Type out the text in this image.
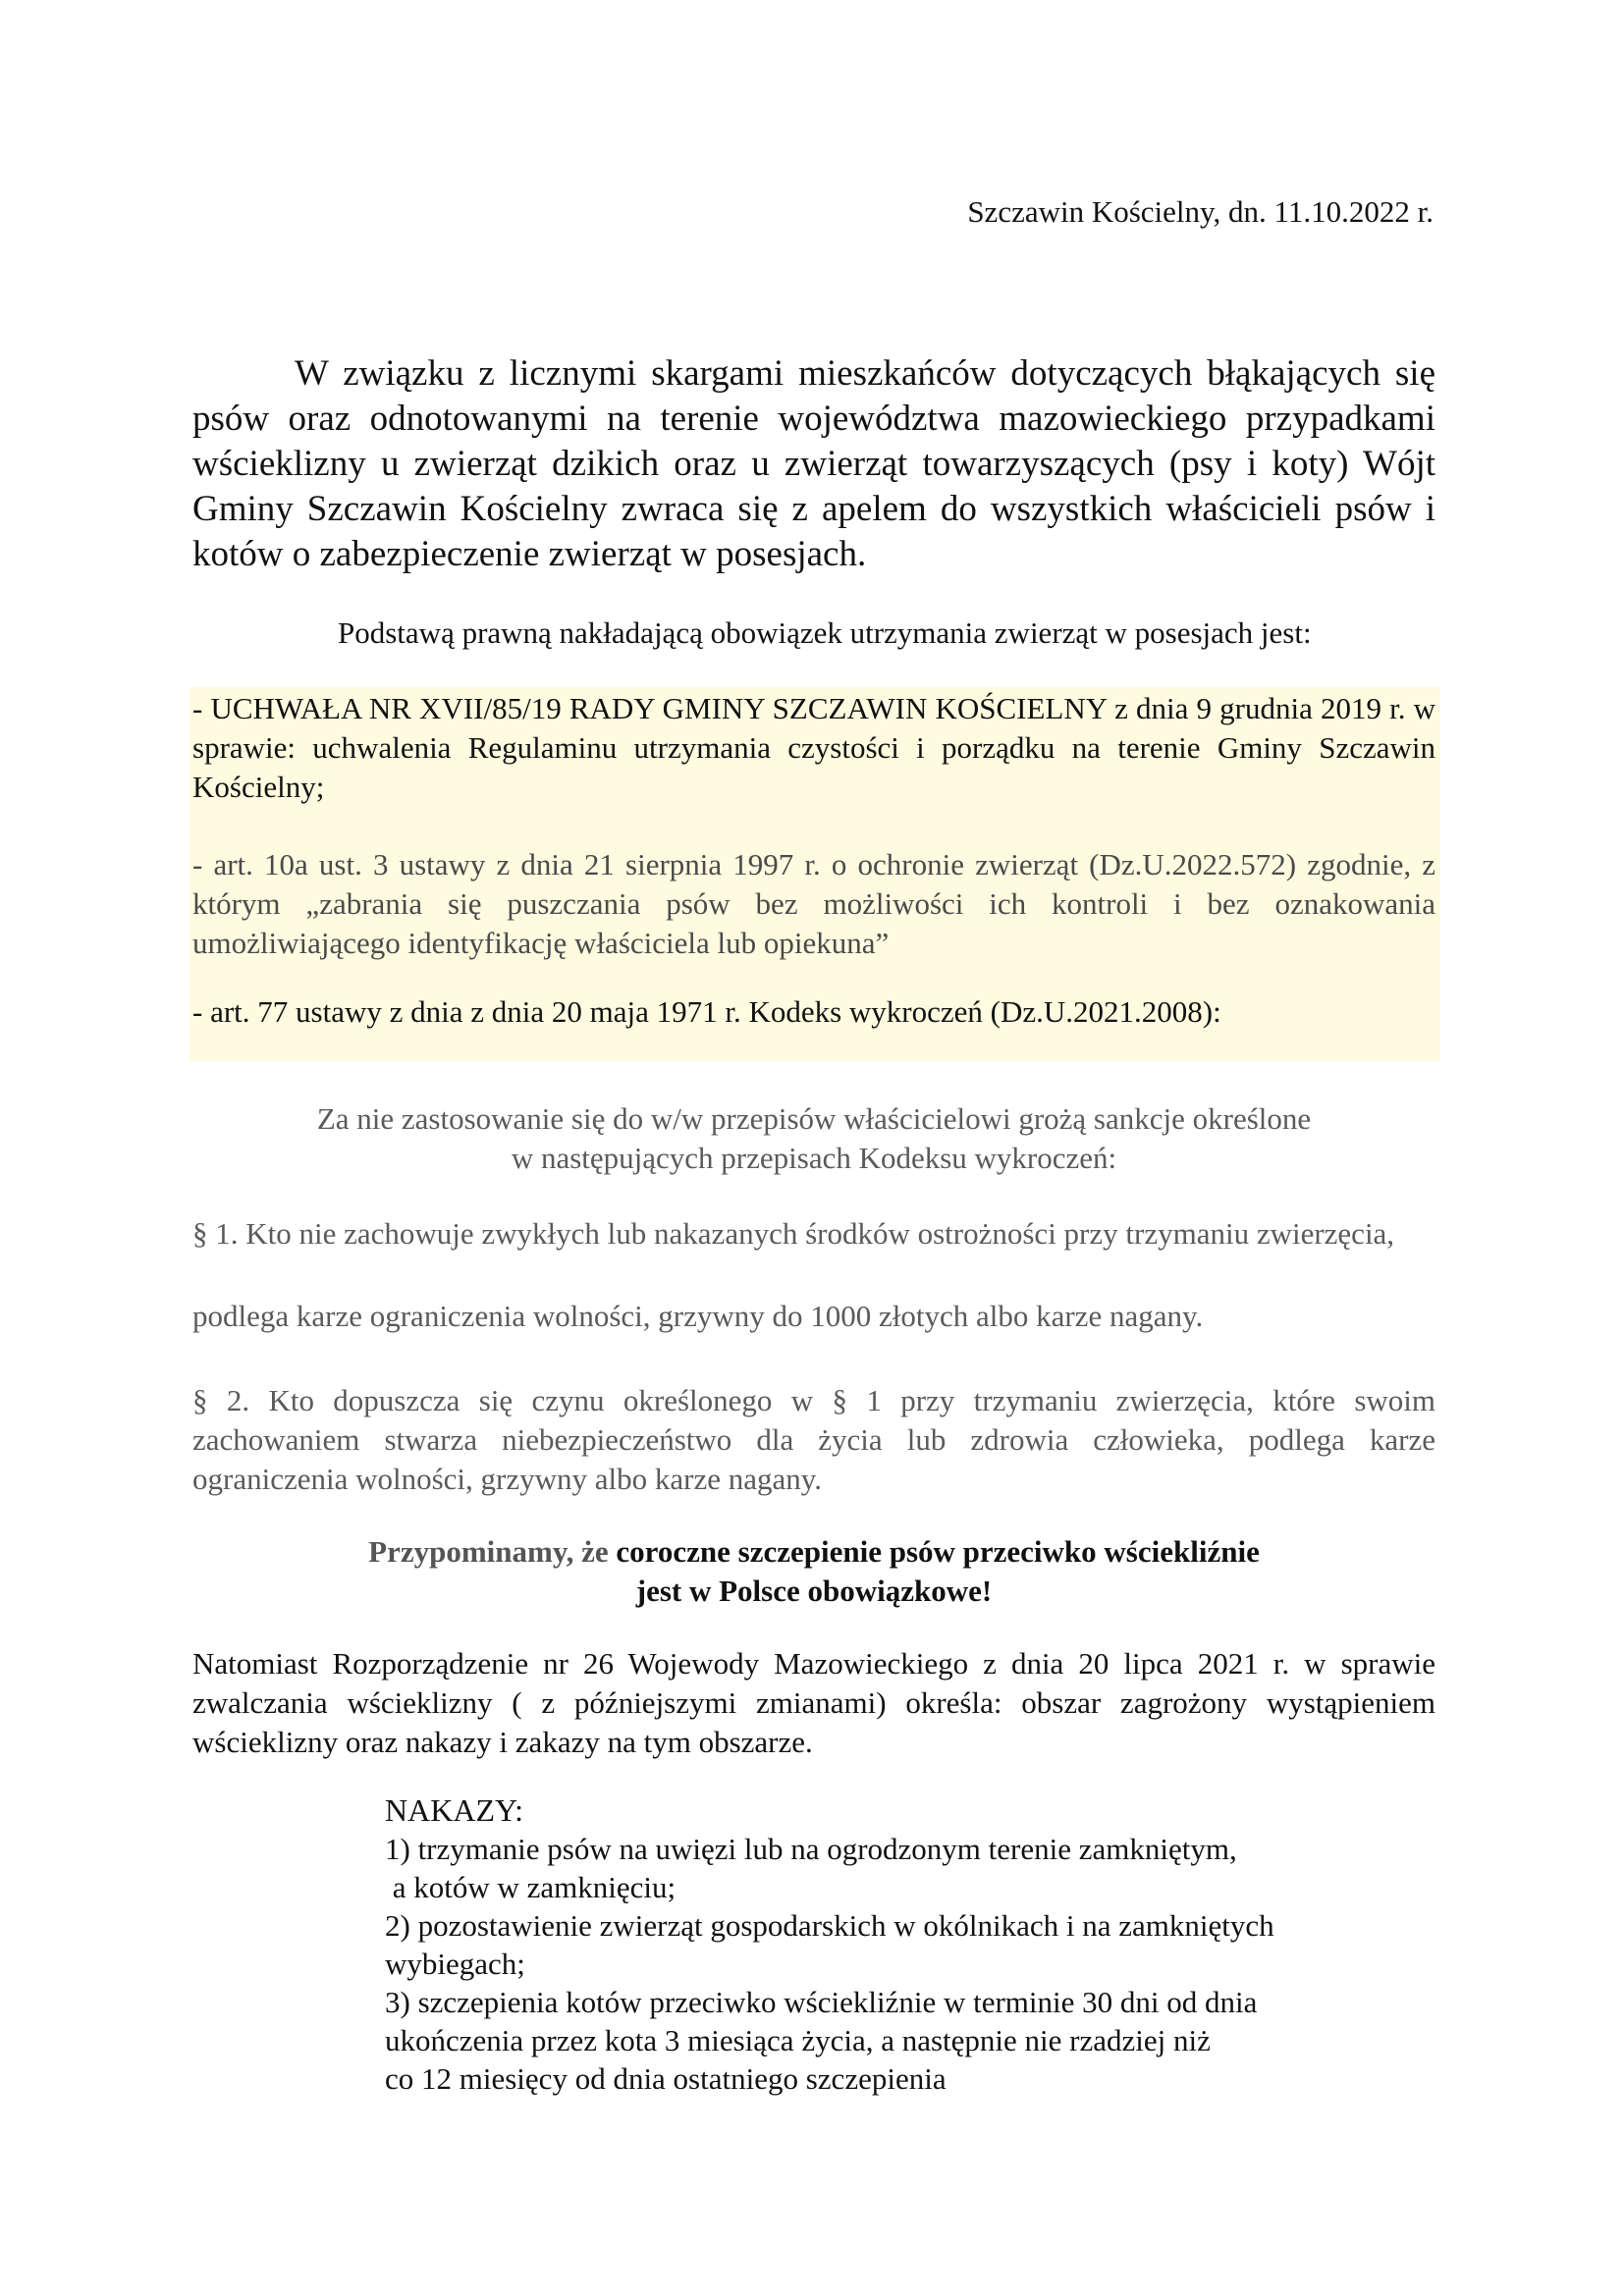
Szczawin Kościelny, dn. 11.10.2022 r.
W związku z licznymi skargami mieszkańców dotyczących błąkających się psów oraz odnotowanymi na terenie województwa mazowieckiego przypadkami wścieklizny u zwierząt dzikich oraz u zwierząt towarzyszących (psy i koty) Wójt Gminy Szczawin Kościelny zwraca się z apelem do wszystkich właścicieli psów i kotów o zabezpieczenie zwierząt w posesjach.
Podstawą prawną nakładającą obowiązek utrzymania zwierząt w posesjach jest:

- UCHWAŁA NR XVII/85/19 RADY GMINY SZCZAWIN KOŚCIELNY z dnia 9 grudnia 2019 r. w sprawie: uchwalenia Regulaminu utrzymania czystości i porządku na terenie Gminy Szczawin Kościelny;

- art. 10a ust. 3 ustawy z dnia 21 sierpnia 1997 r. o ochronie zwierząt (Dz.U.2022.572) zgodnie, z którym „zabrania się puszczania psów bez możliwości ich kontroli i bez oznakowania umożliwiającego identyfikację właściciela lub opiekuna”

- art. 77 ustawy z dnia z dnia 20 maja 1971 r. Kodeks wykroczeń (Dz.U.2021.2008):

Za nie zastosowanie się do w/w przepisów właścicielowi grożą sankcje określone
w następujących przepisach Kodeksu wykroczeń:
§ 1. Kto nie zachowuje zwykłych lub nakazanych środków ostrożności przy trzymaniu zwierzęcia,
podlega karze ograniczenia wolności, grzywny do 1000 złotych albo karze nagany.
§ 2. Kto dopuszcza się czynu określonego w § 1 przy trzymaniu zwierzęcia, które swoim zachowaniem stwarza niebezpieczeństwo dla życia lub zdrowia człowieka, podlega karze ograniczenia wolności, grzywny albo karze nagany.
Przypominamy, że coroczne szczepienie psów przeciwko wściekliźnie
jest w Polsce obowiązkowe!
Natomiast Rozporządzenie nr 26 Wojewody Mazowieckiego z dnia 20 lipca 2021 r. w sprawie zwalczania wścieklizny ( z późniejszymi zmianami) określa: obszar zagrożony wystąpieniem wścieklizny oraz nakazy i zakazy na tym obszarze.
NAKAZY:
1) trzymanie psów na uwięzi lub na ogrodzonym terenie zamkniętym,
a kotów w zamknięciu;
2) pozostawienie zwierząt gospodarskich w okólnikach i na zamkniętych
wybiegach;
3) szczepienia kotów przeciwko wściekliźnie w terminie 30 dni od dnia
ukończenia przez kota 3 miesiąca życia, a następnie nie rzadziej niż
co 12 miesięcy od dnia ostatniego szczepienia
